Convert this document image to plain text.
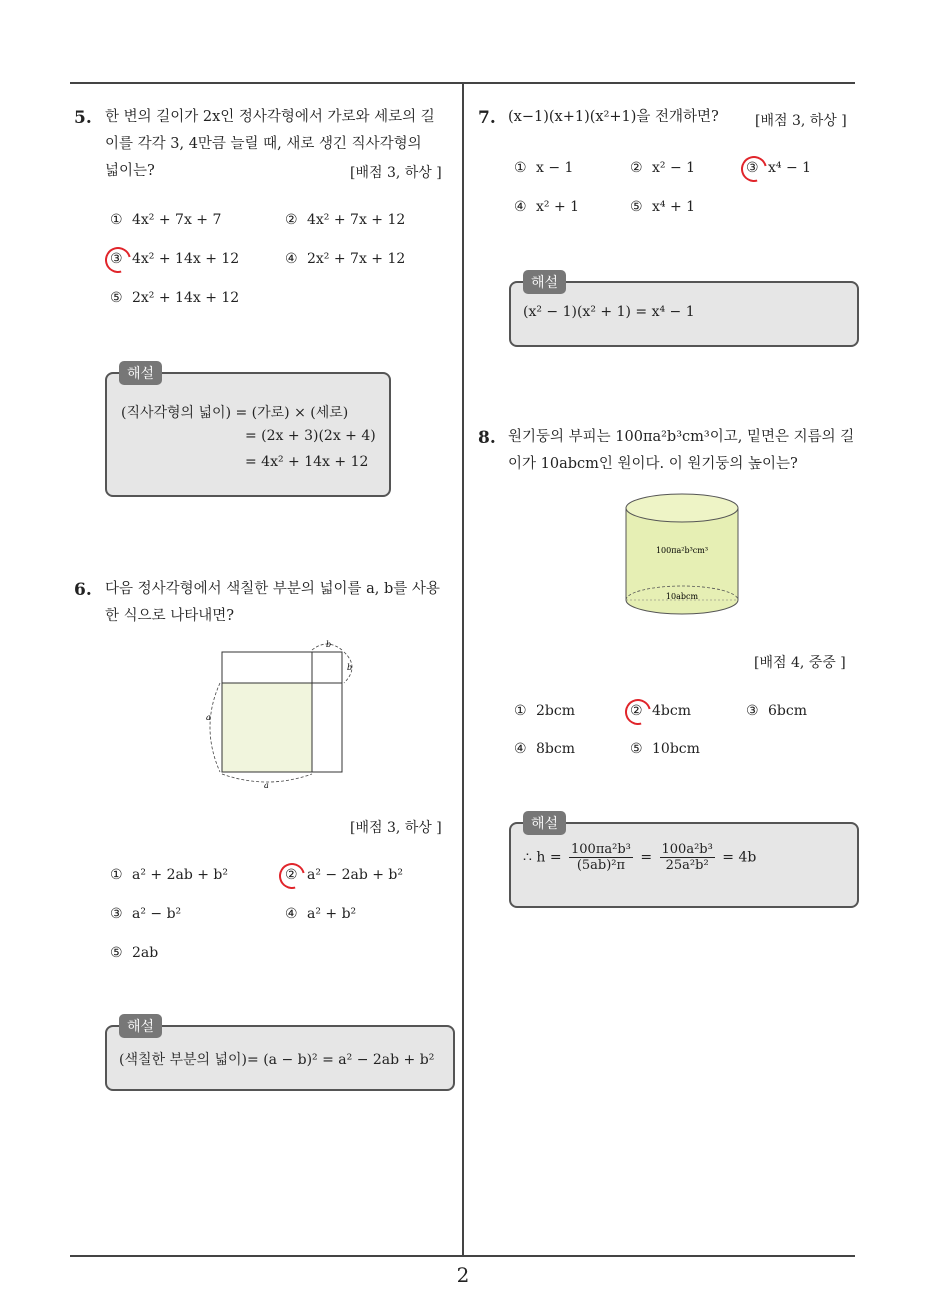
2
5. 한 변의 길이가 2x인 정사각형에서 가로와 세로의 길
이를 각각 3, 4만큼 늘릴 때, 새로 생긴 직사각형의
넓이는?	[배점 3, 하상 ]
① 4x² + 7x + 7	② 4x² + 7x + 12
③ 4x² + 14x + 12	④ 2x² + 7x + 12
⑤ 2x² + 14x + 12
해설
(직사각형의 넓이) = (가로) × (세로)
= (2x + 3)(2x + 4)
= 4x² + 14x + 12
6. 다음 정사각형에서 색칠한 부분의 넓이를 a, b를 사용
한 식으로 나타내면?
b
b
a
a
[배점 3, 하상 ]
① a² + 2ab + b²	② a² − 2ab + b²
③ a² − b²	④ a² + b²
⑤ 2ab
해설
(색칠한 부분의 넓이)= (a − b)² = a² − 2ab + b²
7. (x−1)(x+1)(x²+1)을 전개하면?	[배점 3, 하상 ]
① x − 1	② x² − 1	③ x⁴ − 1
④ x² + 1	⑤ x⁴ + 1
해설
(x² − 1)(x² + 1) = x⁴ − 1
8. 원기둥의 부피는 100πa²b³cm³이고, 밑면은 지름의 길
이가 10abcm인 원이다. 이 원기둥의 높이는?
100πa²b³cm³
10abcm
[배점 4, 중중 ]
① 2bcm	② 4bcm	③ 6bcm
④ 8bcm	⑤ 10bcm
해설
∴ $h = \frac{\text{100πa²b³}}{\text{(5ab)²π}} = \frac{\text{100a²b³}}{\text{25a²b²}} = 4b$
